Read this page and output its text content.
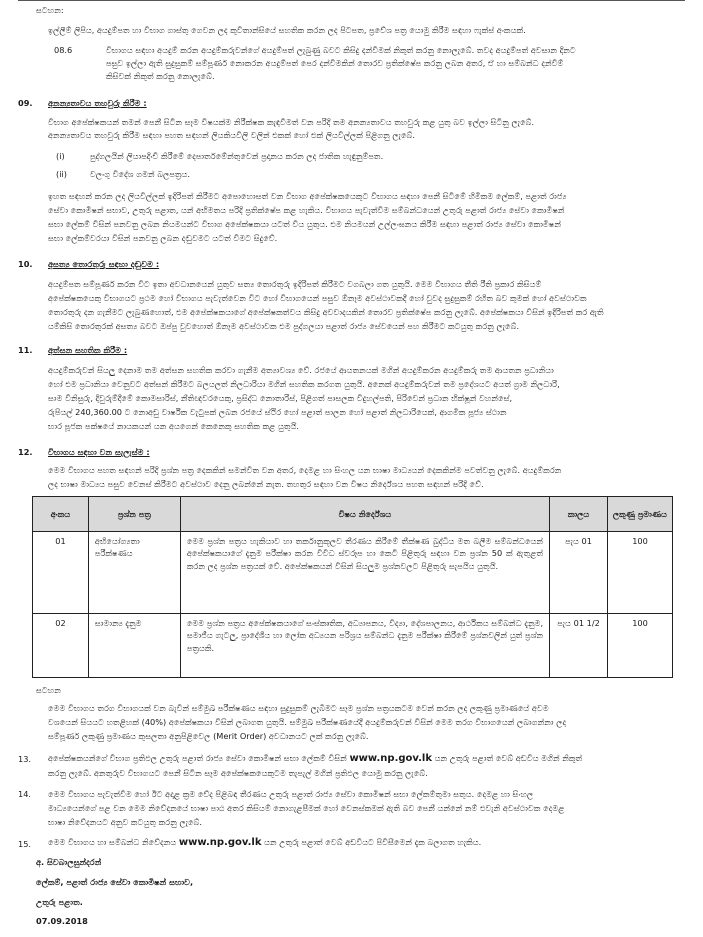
සටහන:
ඉල්ලීම් ලිපිය, අයදුම්පත හා විභාග ගාස්තු ගෙවන ලද කුවිතාන්සියේ සහතික කරන ලද පිටපත, ප්‍රවේශ පත්‍ර යොමු කිරීම සඳහා ෆැක්ස් අංකයක්.
08.6	විභාගය සඳහා අයදුම් කරන අයදුම්කරුවන්ගේ අයදුම්පත් ලැබුණු බවට කිසිදු දන්වීමක් නිකුත් කරනු නොලැබේ. තවද අයදුම්පත් අවසාන දිනට
පසුව ඉල්ලා ඇති සුදුසුකම් සම්පූර්ණ නොකරන අයදුම්පත් පෙර දන්වීමකින් තොරව ප්‍රතික්ෂේප කරනු ලබන අතර, ඒ හා සම්බන්ධ දන්වීම්
කිසිවක් නිකුත් කරනු නොලැබේ.
09. අනන්‍යතාවය තහවුරු කිරීම :
විභාග අපේක්ෂකයන් තමන් පෙනී සිටින සෑම විෂයක්ම නිරීක්ෂක කැඳවීමත් වන පරිදි තම අනන්‍යතාවය තහවුරු කළ යුතු බව ඉල්ලා සිටිනු ලැබේ.
අනන්‍යතාවය තහවුරු කිරීම සඳහා පහත සඳහන් ලියකියවිලි වලින් එකක් හෝ එක් ලියවිල්ලක් පිළිගනු ලැබේ.
(i)	පුද්ගලයින් ලියාපදිංචි කිරීමේ දෙපාර්තමේන්තුවෙන් ප්‍රදානය කරන ලද ජාතික හැඳුනුම්පත.
(ii)	වලංගු විදේශ ගමන් බලපත්‍රය.
ඉහත සඳහන් කරන ලද ලියවිල්ලක් ඉදිරිපත් කිරීමට අපොහොසත් වන විභාග අපේක්ෂකයෙකුට විභාගය සඳහා පෙනී සිටීමේ හිමිකම ලේකම්, පළාත් රාජ්‍ය
සේවා කොමිෂන් සභාව, උතුරු පළාත, යන් අභිමතය පරිදි ප්‍රතික්ෂේප කළ හැකිය. විභාගය පැවැත්වීම සම්බන්ධයෙන් උතුරු පළාත් රාජ්‍ය සේවා කොමිෂන්
සභා ලේකම් විසින් පනවනු ලබන නියමයන්ට විභාග අපේක්ෂකයා යටත් විය යුතුය. එම නියමයන් උල්ලංඝනය කිරීම සඳහා පළාත් රාජ්‍ය සේවා කොමිෂන්
සභා ලේකම්වරයා විසින් පනවනු ලබන දඬුවමට යටත් වීමට සිදුවේ.
10. අසත්‍ය තොරතුරු සඳහා දඬුවම :
අයදුම්පත සම්පූර්ණ කරන විට ඉතා අවධානයෙන් යුතුව සත්‍ය තොරතුරු ඉදිරිපත් කිරීමට වගබලා ගත යුතුයි. මෙම විභාගය තීති රීති ප්‍රකාර කිසියම්
අපේක්ෂකයෙකු විභාගයට ප්‍රථම හෝ විභාගය පැවැත්වෙන විට හෝ විභාගයෙන් පසුව ඕනෑම අවස්ථාවකදී හෝ වුවද සුදුසුකම් රහිත බව කුමක් හෝ අවස්ථාවක
තොරතුරු දන ගැනීමට ලැබුණහොත්, එම අපේක්ෂකයාගේ අපේක්ෂකත්වය කිසිදු අවවාදයකින් තොරව ප්‍රතික්ෂේප කරනු ලැබේ. අපේක්ෂකයා විසින් ඉදිරිපත් කර ඇති
යම්කිසි තොරතුරක් අසත්‍ය බවට ඔප්පු වුවහොත් ඕනෑම අවස්ථාවක එම පුද්ගලයා පළාත් රාජ්‍ය සේවයෙන් පහ කිරීමට කටයුතු කරනු ලැබේ.
11. අත්සන සහතික කිරීම :
අයදුම්කරුවන් සියලු දෙනාම තම අත්සන සහතික කරවා ගැනීම අත්‍යාවශ්‍ය වේ. රජයේ ආයතනයක් මගින් අයදුම්කරන අයදුම්කරු තම ආයතන ප්‍රධානියා
හෝ එම ප්‍රධානියා වෙනුවට අත්සන් කිරීමට බලයලත් නිලධාරියා මගින් සහතික කරගත යුතුයි. අනෙක් අයදුම්කරුවන් තම ප්‍රදේශයට අයත් ග්‍රාම නිලධාරි,
සාම විනිසුරු, දිවුරුම්දීමේ කොමසාරිස්, නීතිඥවරයෙකු, ප්‍රසිද්ධ නොතාරිස්, පිළිගත් පාසලක විදුහල්පති, පිරිවෙන් ප්‍රධාන භික්ෂූන් වහන්සේ,
රුපියල් 240,360.00 ට නොඅඩු වාර්ෂික වැටුපක් ලබන රජයේ ස්ථිර හෝ පළාත් පාලන හෝ පළාත් නිලධාරියෙක්, ආගමික පූජ්‍ය ස්ථාන
භාර පූජක පක්ෂයේ නායකයන් යන අයගෙන් කෙනෙකු සහතික කළ යුතුයි.
12. විභාගය සඳහා වන සැලැස්ම :
මෙම විභාගය පහත සඳහන් පරිදි ප්‍රශ්න පත්‍ර දෙකකින් සමන්විත වන අතර, දෙමළ හා සිංහල යන භාෂා මාධ්‍යයන් දෙකකින්ම පවත්වනු ලැබේ. අයදුම්කරන
ලද භාෂා මාධ්‍යය පසුව වෙනස් කිරීමට අවස්ථාව දෙනු ලබන්නේ නැත. තහතුර සඳහා වන විෂය නිර්දේශය පහත සඳහන් පරිදි වේ.
අංකය	ප්‍රශ්න පත්‍ර	විෂය නිර්දේශය	කාලය	ලකුණු ප්‍රමාණය
01	අභියෝග්‍යතා පරීක්ෂණය	මෙම ප්‍රශ්න පත්‍රය හැකියාව හා තර්කානුකූලව තීරණය කිරීමේ තීක්ෂණ බුද්ධිය මත බලීම සම්බන්ධයෙන් අපේක්ෂකයාගේ දැනුම පරීක්ෂා කරන විවිධ ස්වරූප හා කෙටි පිළිතුරු සඳහා වන ප්‍රශ්න 50 ක් ඇතුළත් කරන ලද ප්‍රශ්න පත්‍රයක් වේ. අපේක්ෂකයන් විසින් සියලුම ප්‍රශ්නවලට පිළිතුරු සැපයිය යුතුයි.	පැය 01	100
02	සාමාන්‍ය දැනුම	මෙම ප්‍රශ්න පත්‍රය අපේක්ෂකයාගේ සංස්කෘතික, අධ්‍යාපනය, විද්‍යා, දේශපාලනය, ආර්ථිකය සම්බන්ධ දැනුම, සමාජීය ගැටලු, ප්‍රාදේශීය හා ලෝක අධ්‍යයන පරිශ්‍රය සම්බන්ධ දැනුම පරීක්ෂා කිරීමේ ප්‍රශ්නවලින් යුත් ප්‍රශ්න පත්‍රයකි.	පැය 01 1/2	100
සටහන
මෙම විභාගය තරග විභාගයක් වන බැවින් සම්මුඛ පරීක්ෂණය සඳහා සුදුසුකම් ලැබීමට සෑම ප්‍රශ්න පත්‍රයකටම වෙන් කරන ලද ලකුණු ප්‍රමාණයේ අවම
වශයෙන් සියයට හතළිහක් (40%) අපේක්ෂකයා විසින් ලබාගත යුතුයි. සම්මුඛ පරීක්ෂණයේදී අයදුම්කරුවන් විසින් මෙම තරග විභාගයෙන් ලබාගන්නා ලද
සම්පූර්ණ ලකුණු ප්‍රමාණය කුසලතා අනුපිළිවෙල (Merit Order) අවධානයට ලක් කරනු ලැබේ.
13. අපේක්ෂකයන්ගේ විභාග ප්‍රතිඵල උතුරු පළාත් රාජ්‍ය සේවා කොමිෂන් සභා ලේකම් විසින් www.np.gov.lk යන උතුරු පළාත් වෙබ් අඩවිය මගින් නිකුත්
කරනු ලැබේ. අනතුරුව විභාගයට පෙනී සිටින සෑම අපේක්ෂකයෙකුටම තැපැල් මගින් ප්‍රතිඵල යොමු කරනු ලැබේ.
14. මෙම විභාගය පැවැත්වීම හෝ ඊට අදාළ ක්‍රම වේද පිළිබඳ තීරණය උතුරු පළාත් රාජ්‍ය සේවා කොමිෂන් සභා ලේකම්තුමා සතුය. දෙමළ හා සිංහල
මාධ්‍යයෙන්ගේ පළ වන මෙම නිවේදනයේ භාෂා පාඨ අතර කිසියම් නොගැළපීමක් හෝ වෙනස්කමක් ඇති බව පෙනී යන්නේ නම් එවැනි අවස්ථාවක දෙමළ
භාෂා නිවේදනයට අනුව කටයුතු කරනු ලැබේ.
15. මෙම විභාගය හා සම්බන්ධ නිවේදනය www.np.gov.lk යන උතුරු පළාත් වෙබ් අඩවියට පිවිසීමෙන් දැක බලාගත හැකිය.
අ. සිවබාලසුන්දරන්
ලේකම්, පළාත් රාජ්‍ය සේවා කොමිෂන් සභාව,
උතුරු පළාත.
07.09.2018
